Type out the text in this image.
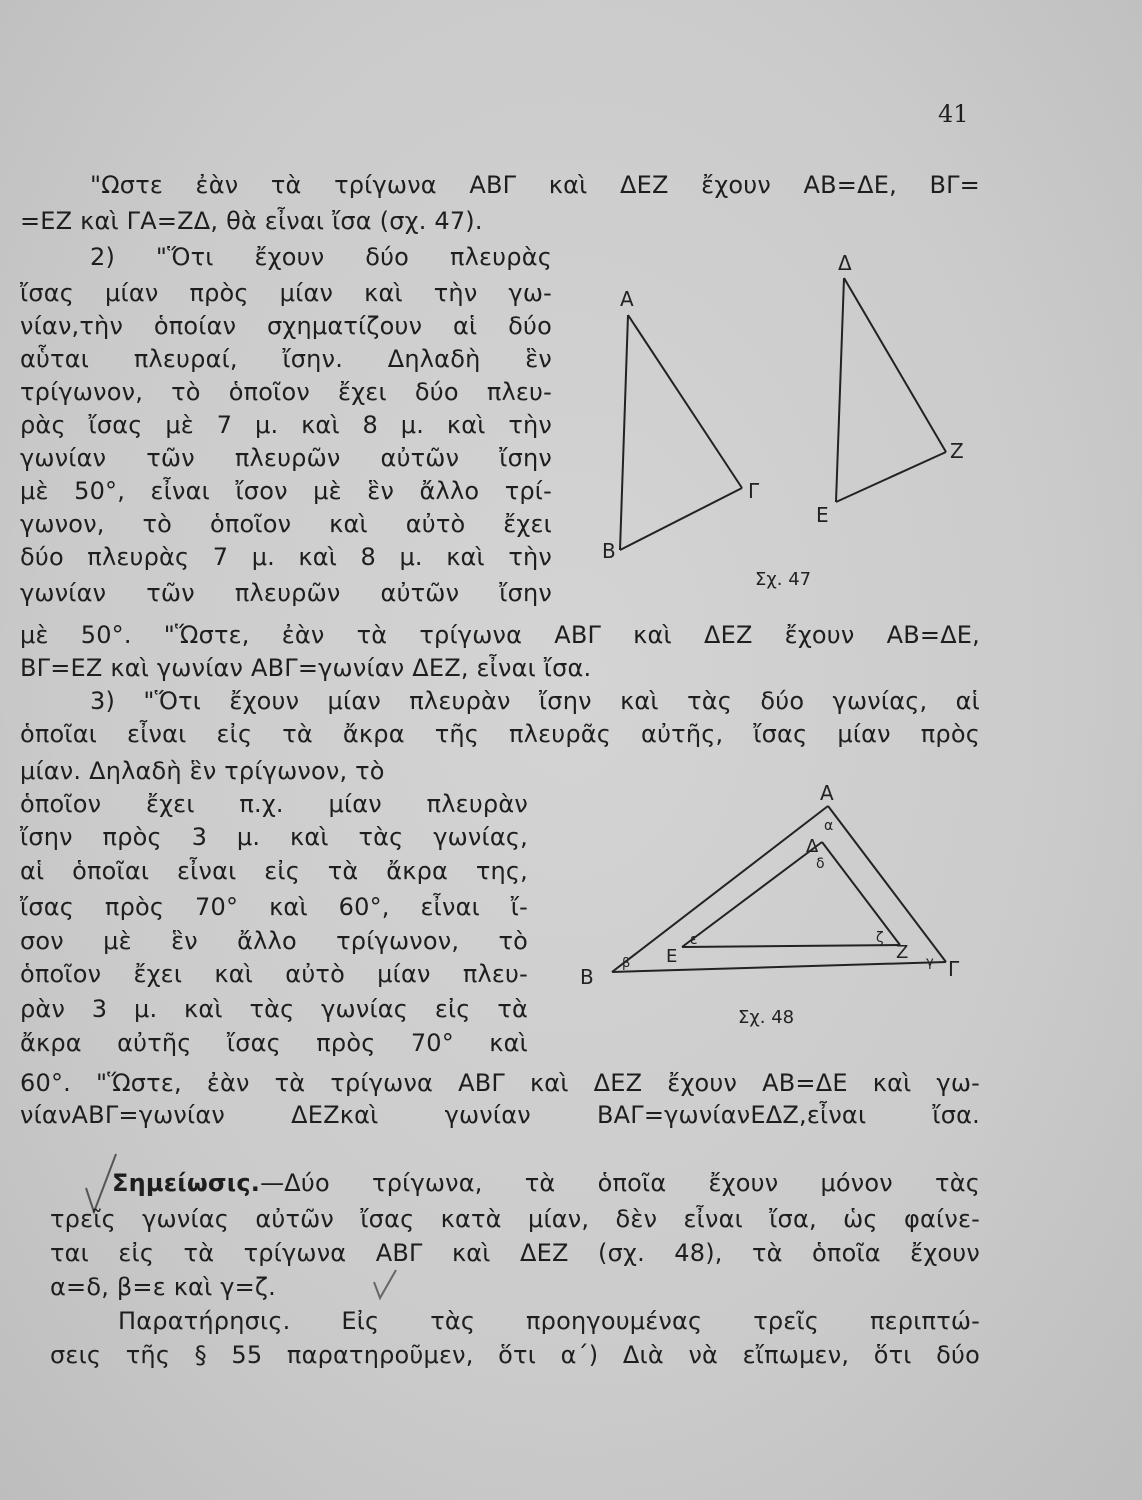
41
"Ωστε ἐὰν τὰ τρίγωνα ΑΒΓ καὶ ΔΕΖ ἔχουν ΑΒ=ΔΕ, ΒΓ=
=ΕΖ καὶ ΓΑ=ΖΔ, θὰ εἶναι ἴσα (σχ. 47).
2) "Ὅτι ἔχουν δύο πλευρὰς
ἴσας μίαν πρὸς μίαν καὶ τὴν γω-
νίαν,τὴν ὁποίαν σχηματίζουν αἱ δύο
αὗται πλευραί, ἴσην. Δηλαδὴ ἓν
τρίγωνον, τὸ ὁποῖον ἔχει δύο πλευ-
ρὰς ἴσας μὲ 7 μ. καὶ 8 μ. καὶ τὴν
γωνίαν τῶν πλευρῶν αὐτῶν ἴσην
μὲ 50°, εἶναι ἴσον μὲ ἓν ἄλλο τρί-
γωνον, τὸ ὁποῖον καὶ αὐτὸ ἔχει
δύο πλευρὰς 7 μ. καὶ 8 μ. καὶ τὴν
γωνίαν τῶν πλευρῶν αὐτῶν ἴσην
Α
Β
Γ
Δ
Ε
Ζ
Σχ. 47
μὲ 50°. "Ὥστε, ἐὰν τὰ τρίγωνα ΑΒΓ καὶ ΔΕΖ ἔχουν ΑΒ=ΔΕ,
ΒΓ=ΕΖ καὶ γωνίαν ΑΒΓ=γωνίαν ΔΕΖ, εἶναι ἴσα.
3) "Ὅτι ἔχουν μίαν πλευρὰν ἴσην καὶ τὰς δύο γωνίας, αἱ
ὁποῖαι εἶναι εἰς τὰ ἄκρα τῆς πλευρᾶς αὐτῆς, ἴσας μίαν πρὸς
μίαν. Δηλαδὴ ἓν τρίγωνον, τὸ
ὁποῖον ἔχει π.χ. μίαν πλευρὰν
ἴσην πρὸς 3 μ. καὶ τὰς γωνίας,
αἱ ὁποῖαι εἶναι εἰς τὰ ἄκρα της,
ἴσας πρὸς 70° καὶ 60°, εἶναι ἴ-
σον μὲ ἓν ἄλλο τρίγωνον, τὸ
ὁποῖον ἔχει καὶ αὐτὸ μίαν πλευ-
ρὰν 3 μ. καὶ τὰς γωνίας εἰς τὰ
ἄκρα αὐτῆς ἴσας πρὸς 70° καὶ
Α
Β	Γ
Δ
Ε	Ζ
α
β	γ
δ
ε	ζ
Σχ. 48
60°. "Ὥστε, ἐὰν τὰ τρίγωνα ΑΒΓ καὶ ΔΕΖ ἔχουν ΑΒ=ΔΕ καὶ γω-
νίανΑΒΓ=γωνίαν ΔΕΖκαὶ γωνίαν ΒΑΓ=γωνίανΕΔΖ,εἶναι ἴσα.
Σημείωσις. —Δύο τρίγωνα, τὰ ὁποῖα ἔχουν μόνον τὰς
τρεῖς γωνίας αὐτῶν ἴσας κατὰ μίαν, δὲν εἶναι ἴσα, ὡς φαίνε-
ται εἰς τὰ τρίγωνα ΑΒΓ καὶ ΔΕΖ (σχ. 48), τὰ ὁποῖα ἔχουν
α=δ, β=ε καὶ γ=ζ.
Παρατήρησις. Εἰς τὰς προηγουμένας τρεῖς περιπτώ-
σεις τῆς § 55 παρατηροῦμεν, ὅτι α΄) Διὰ νὰ εἴπωμεν, ὅτι δύο
